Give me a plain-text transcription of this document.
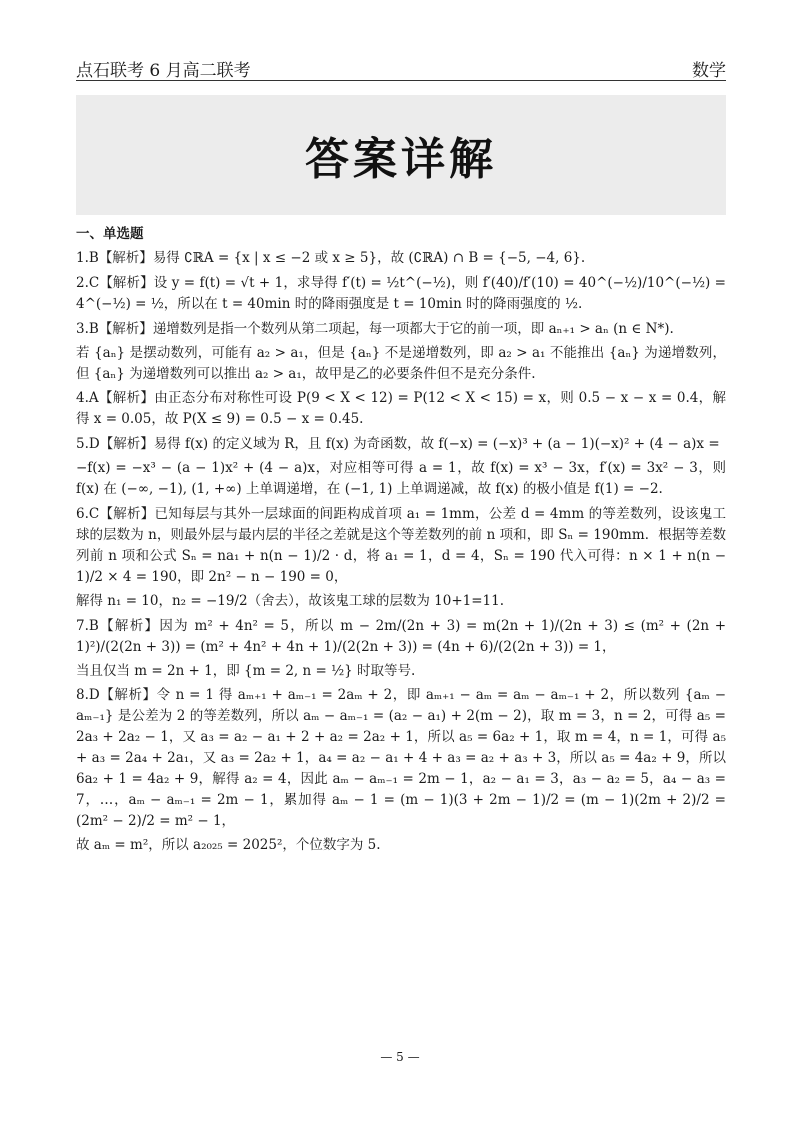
点石联考 6 月高二联考	数学
答案详解
一、单选题

1.B【解析】易得 ∁ℝA = {x | x ≤ −2 或 x ≥ 5}，故 (∁ℝA) ∩ B = {−5, −4, 6}.

2.C【解析】设 y = f(t) = √t + 1，求导得 f′(t) = ½t^(−½)，则 f′(40)/f′(10) = 40^(−½)/10^(−½) = 4^(−½) = ½，所以在 t = 40min 时的降雨强度是 t = 10min 时的降雨强度的 ½.

3.B【解析】递增数列是指一个数列从第二项起，每一项都大于它的前一项，即 aₙ₊₁ > aₙ (n ∈ N*).

若 {aₙ} 是摆动数列，可能有 a₂ > a₁，但是 {aₙ} 不是递增数列，即 a₂ > a₁ 不能推出 {aₙ} 为递增数列，但 {aₙ} 为递增数列可以推出 a₂ > a₁，故甲是乙的必要条件但不是充分条件.

4.A【解析】由正态分布对称性可设 P(9 < X < 12) = P(12 < X < 15) = x，则 0.5 − x − x = 0.4，解得 x = 0.05，故 P(X ≤ 9) = 0.5 − x = 0.45.

5.D【解析】易得 f(x) 的定义域为 R，且 f(x) 为奇函数，故 f(−x) = (−x)³ + (a − 1)(−x)² + (4 − a)x =

−f(x) = −x³ − (a − 1)x² + (4 − a)x，对应相等可得 a = 1，故 f(x) = x³ − 3x，f′(x) = 3x² − 3，则 f(x) 在 (−∞, −1), (1, +∞) 上单调递增，在 (−1, 1) 上单调递减，故 f(x) 的极小值是 f(1) = −2.

6.C【解析】已知每层与其外一层球面的间距构成首项 a₁ = 1mm，公差 d = 4mm 的等差数列，设该鬼工球的层数为 n，则最外层与最内层的半径之差就是这个等差数列的前 n 项和，即 Sₙ = 190mm．根据等差数列前 n 项和公式 Sₙ = na₁ + n(n − 1)/2 · d，将 a₁ = 1，d = 4，Sₙ = 190 代入可得：n × 1 + n(n − 1)/2 × 4 = 190，即 2n² − n − 190 = 0，

解得 n₁ = 10，n₂ = −19/2（舍去），故该鬼工球的层数为 10+1=11.

7.B【解析】因为 m² + 4n² = 5，所以 m − 2m/(2n + 3) = m(2n + 1)/(2n + 3) ≤ (m² + (2n + 1)²)/(2(2n + 3)) = (m² + 4n² + 4n + 1)/(2(2n + 3)) = (4n + 6)/(2(2n + 3)) = 1，

当且仅当 m = 2n + 1，即 {m = 2, n = ½} 时取等号.

8.D【解析】令 n = 1 得 aₘ₊₁ + aₘ₋₁ = 2aₘ + 2，即 aₘ₊₁ − aₘ = aₘ − aₘ₋₁ + 2，所以数列 {aₘ − aₘ₋₁} 是公差为 2 的等差数列，所以 aₘ − aₘ₋₁ = (a₂ − a₁) + 2(m − 2)，取 m = 3，n = 2，可得 a₅ = 2a₃ + 2a₂ − 1，又 a₃ = a₂ − a₁ + 2 + a₂ = 2a₂ + 1，所以 a₅ = 6a₂ + 1，取 m = 4，n = 1，可得 a₅ + a₃ = 2a₄ + 2a₁，又 a₃ = 2a₂ + 1，a₄ = a₂ − a₁ + 4 + a₃ = a₂ + a₃ + 3，所以 a₅ = 4a₂ + 9，所以 6a₂ + 1 = 4a₂ + 9，解得 a₂ = 4，因此 aₘ − aₘ₋₁ = 2m − 1，a₂ − a₁ = 3，a₃ − a₂ = 5，a₄ − a₃ = 7，…，aₘ − aₘ₋₁ = 2m − 1，累加得 aₘ − 1 = (m − 1)(3 + 2m − 1)/2 = (m − 1)(2m + 2)/2 = (2m² − 2)/2 = m² − 1，

故 aₘ = m²，所以 a₂₀₂₅ = 2025²，个位数字为 5.

— 5 —
